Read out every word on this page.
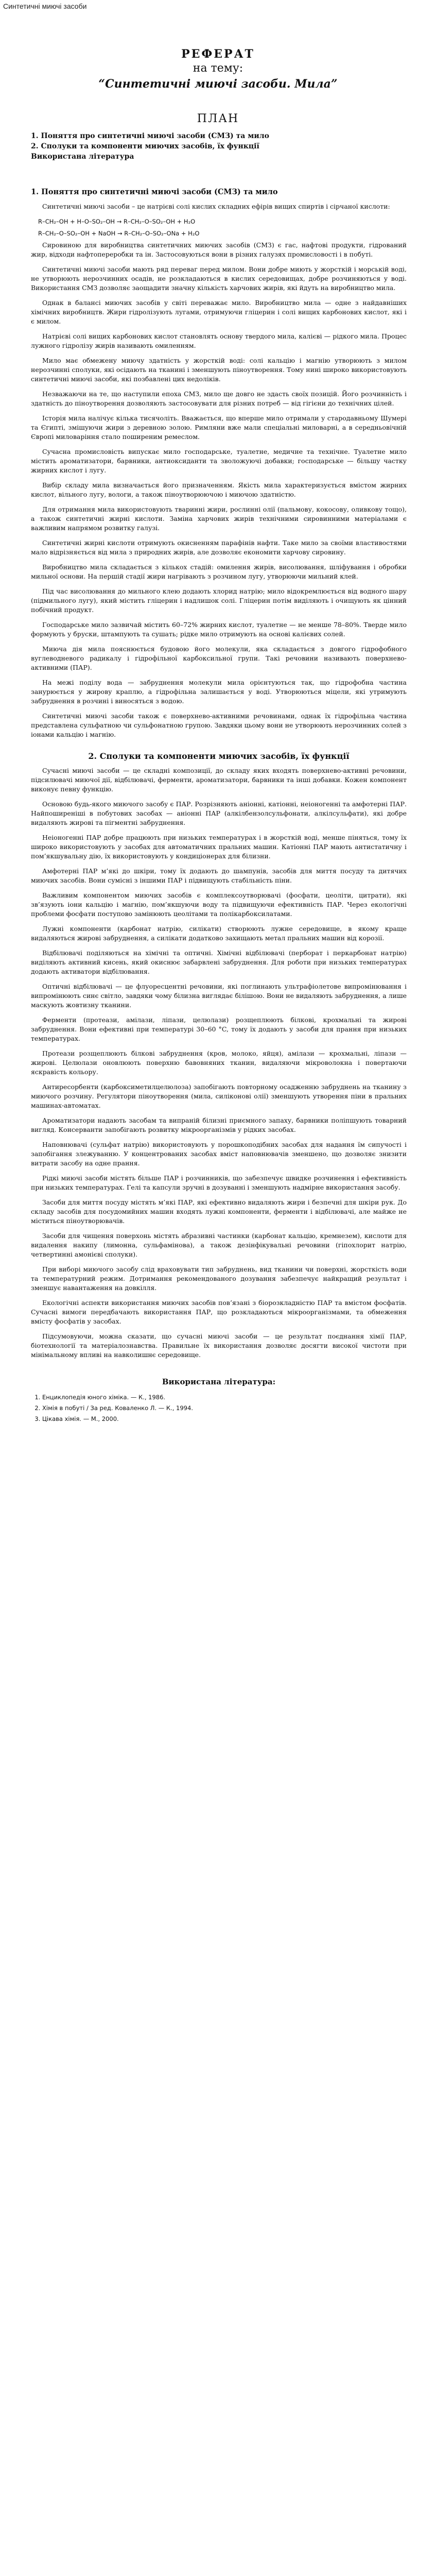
Синтетичні миючі засоби
РЕФЕРАТ
на тему:
“Синтетичні миючі засоби. Мила”
ПЛАН
1. Поняття про синтетичні миючі засоби (СМЗ) та мило
2. Сполуки та компоненти миючих засобів, їх функції
Використана література
1. Поняття про синтетичні миючі засоби (СМЗ) та мило

Синтетичні миючі засоби – це натрієві солі кислих складних ефірів вищих спиртів і сірчаної кислоти:

R–CH₂–OH + H–O–SO₂–OH → R–CH₂–O–SO₂–OH + H₂O

R–CH₂–O–SO₂–OH + NaOH → R–CH₂–O–SO₂–ONa + H₂O

Сировиною для виробництва синтетичних миючих засобів (СМЗ) є гас, нафтові продукти, гідрований жир, відходи нафтопереробки та ін. Застосовуються вони в різних галузях промисловості і в побуті.

Синтетичні миючі засоби мають ряд переваг перед милом. Вони добре миють у жорсткій і морській воді, не утворюють нерозчинних осадів, не розкладаються в кислих середовищах, добре розчиняються у воді. Використання СМЗ дозволяє заощадити значну кількість харчових жирів, які йдуть на виробництво мила.

Однак в балансі миючих засобів у світі переважає мило. Виробництво мила — одне з найдавніших хімічних виробництв. Жири гідролізують лугами, отримуючи гліцерин і солі вищих карбонових кислот, які і є милом.

Натрієві солі вищих карбонових кислот становлять основу твердого мила, калієві — рідкого мила. Процес лужного гідролізу жирів називають омиленням.

Мило має обмежену миючу здатність у жорсткій воді: солі кальцію і магнію утворюють з милом нерозчинні сполуки, які осідають на тканині і зменшують піноутворення. Тому нині широко використовують синтетичні миючі засоби, які позбавлені цих недоліків.

Незважаючи на те, що наступили епоха СМЗ, мило ще довго не здасть своїх позицій. Його розчинність і здатність до піноутворення дозволяють застосовувати для різних потреб — від гігієни до технічних цілей.

Історія мила налічує кілька тисячоліть. Вважається, що вперше мило отримали у стародавньому Шумері та Єгипті, змішуючи жири з деревною золою. Римляни вже мали спеціальні миловарні, а в середньовічній Європі миловаріння стало поширеним ремеслом.

Сучасна промисловість випускає мило господарське, туалетне, медичне та технічне. Туалетне мило містить ароматизатори, барвники, антиоксиданти та зволожуючі добавки; господарське — більшу частку жирних кислот і лугу.

Вибір складу мила визначається його призначенням. Якість мила характеризується вмістом жирних кислот, вільного лугу, вологи, а також піноутворюючою і миючою здатністю.

Для отримання мила використовують тваринні жири, рослинні олії (пальмову, кокосову, оливкову тощо), а також синтетичні жирні кислоти. Заміна харчових жирів технічними сировинними матеріалами є важливим напрямом розвитку галузі.

Синтетичні жирні кислоти отримують окисненням парафінів нафти. Таке мило за своїми властивостями мало відрізняється від мила з природних жирів, але дозволяє економити харчову сировину.

Виробництво мила складається з кількох стадій: омилення жирів, висолювання, шліфування і обробки мильної основи. На першій стадії жири нагрівають з розчином лугу, утворюючи мильний клей.

Під час висолювання до мильного клею додають хлорид натрію; мило відокремлюється від водного шару (підмильного лугу), який містить гліцерин і надлишок солі. Гліцерин потім виділяють і очищують як цінний побічний продукт.

Господарське мило зазвичай містить 60–72% жирних кислот, туалетне — не менше 78–80%. Тверде мило формують у бруски, штампують та сушать; рідке мило отримують на основі калієвих солей.

Миюча дія мила пояснюється будовою його молекули, яка складається з довгого гідрофобного вуглеводневого радикалу і гідрофільної карбоксильної групи. Такі речовини називають поверхнево-активними (ПАР).

На межі поділу вода — забруднення молекули мила орієнтуються так, що гідрофобна частина занурюється у жирову краплю, а гідрофільна залишається у воді. Утворюються міцели, які утримують забруднення в розчині і виносяться з водою.

Синтетичні миючі засоби також є поверхнево-активними речовинами, однак їх гідрофільна частина представлена сульфатною чи сульфонатною групою. Завдяки цьому вони не утворюють нерозчинних солей з іонами кальцію і магнію.

2. Сполуки та компоненти миючих засобів, їх функції

Сучасні миючі засоби — це складні композиції, до складу яких входять поверхнево-активні речовини, підсилювачі миючої дії, відбілювачі, ферменти, ароматизатори, барвники та інші добавки. Кожен компонент виконує певну функцію.

Основою будь-якого миючого засобу є ПАР. Розрізняють аніонні, катіонні, неіоногенні та амфотерні ПАР. Найпоширеніші в побутових засобах — аніонні ПАР (алкілбензолсульфонати, алкілсульфати), які добре видаляють жирові та пігментні забруднення.

Неіоногенні ПАР добре працюють при низьких температурах і в жорсткій воді, менше піняться, тому їх широко використовують у засобах для автоматичних пральних машин. Катіонні ПАР мають антистатичну і пом’якшувальну дію, їх використовують у кондиціонерах для білизни.

Амфотерні ПАР м’які до шкіри, тому їх додають до шампунів, засобів для миття посуду та дитячих миючих засобів. Вони сумісні з іншими ПАР і підвищують стабільність піни.

Важливим компонентом миючих засобів є комплексоутворювачі (фосфати, цеоліти, цитрати), які зв’язують іони кальцію і магнію, пом’якшуючи воду та підвищуючи ефективність ПАР. Через екологічні проблеми фосфати поступово замінюють цеолітами та полікарбоксилатами.

Лужні компоненти (карбонат натрію, силікати) створюють лужне середовище, в якому краще видаляються жирові забруднення, а силікати додатково захищають метал пральних машин від корозії.

Відбілювачі поділяються на хімічні та оптичні. Хімічні відбілювачі (перборат і перкарбонат натрію) виділяють активний кисень, який окиснює забарвлені забруднення. Для роботи при низьких температурах додають активатори відбілювання.

Оптичні відбілювачі — це флуоресцентні речовини, які поглинають ультрафіолетове випромінювання і випромінюють синє світло, завдяки чому білизна виглядає білішою. Вони не видаляють забруднення, а лише маскують жовтизну тканини.

Ферменти (протеази, амілази, ліпази, целюлази) розщеплюють білкові, крохмальні та жирові забруднення. Вони ефективні при температурі 30–60 °C, тому їх додають у засоби для прання при низьких температурах.

Протеази розщеплюють білкові забруднення (кров, молоко, яйця), амілази — крохмальні, ліпази — жирові. Целюлази оновлюють поверхню бавовняних тканин, видаляючи мікроволокна і повертаючи яскравість кольору.

Антиресорбенти (карбоксиметилцелюлоза) запобігають повторному осадженню забруднень на тканину з миючого розчину. Регулятори піноутворення (мила, силіконові олії) зменшують утворення піни в пральних машинах-автоматах.

Ароматизатори надають засобам та випраній білизні приємного запаху, барвники поліпшують товарний вигляд. Консерванти запобігають розвитку мікроорганізмів у рідких засобах.

Наповнювачі (сульфат натрію) використовують у порошкоподібних засобах для надання їм сипучості і запобігання злежуванню. У концентрованих засобах вміст наповнювачів зменшено, що дозволяє знизити витрати засобу на одне прання.

Рідкі миючі засоби містять більше ПАР і розчинників, що забезпечує швидке розчинення і ефективність при низьких температурах. Гелі та капсули зручні в дозуванні і зменшують надмірне використання засобу.

Засоби для миття посуду містять м’які ПАР, які ефективно видаляють жири і безпечні для шкіри рук. До складу засобів для посудомийних машин входять лужні компоненти, ферменти і відбілювачі, але майже не міститься піноутворювачів.

Засоби для чищення поверхонь містять абразивні частинки (карбонат кальцію, кремнезем), кислоти для видалення накипу (лимонна, сульфамінова), а також дезінфікувальні речовини (гіпохлорит натрію, четвертинні амонієві сполуки).

При виборі миючого засобу слід враховувати тип забруднень, вид тканини чи поверхні, жорсткість води та температурний режим. Дотримання рекомендованого дозування забезпечує найкращий результат і зменшує навантаження на довкілля.

Екологічні аспекти використання миючих засобів пов’язані з біорозкладністю ПАР та вмістом фосфатів. Сучасні вимоги передбачають використання ПАР, що розкладаються мікроорганізмами, та обмеження вмісту фосфатів у засобах.

Підсумовуючи, можна сказати, що сучасні миючі засоби — це результат поєднання хімії ПАР, біотехнології та матеріалознавства. Правильне їх використання дозволяє досягти високої чистоти при мінімальному впливі на навколишнє середовище.

Використана література:
1. Енциклопедія юного хіміка. — К., 1986.
2. Хімія в побуті / За ред. Коваленко Л. — К., 1994.
3. Цікава хімія. — М., 2000.
